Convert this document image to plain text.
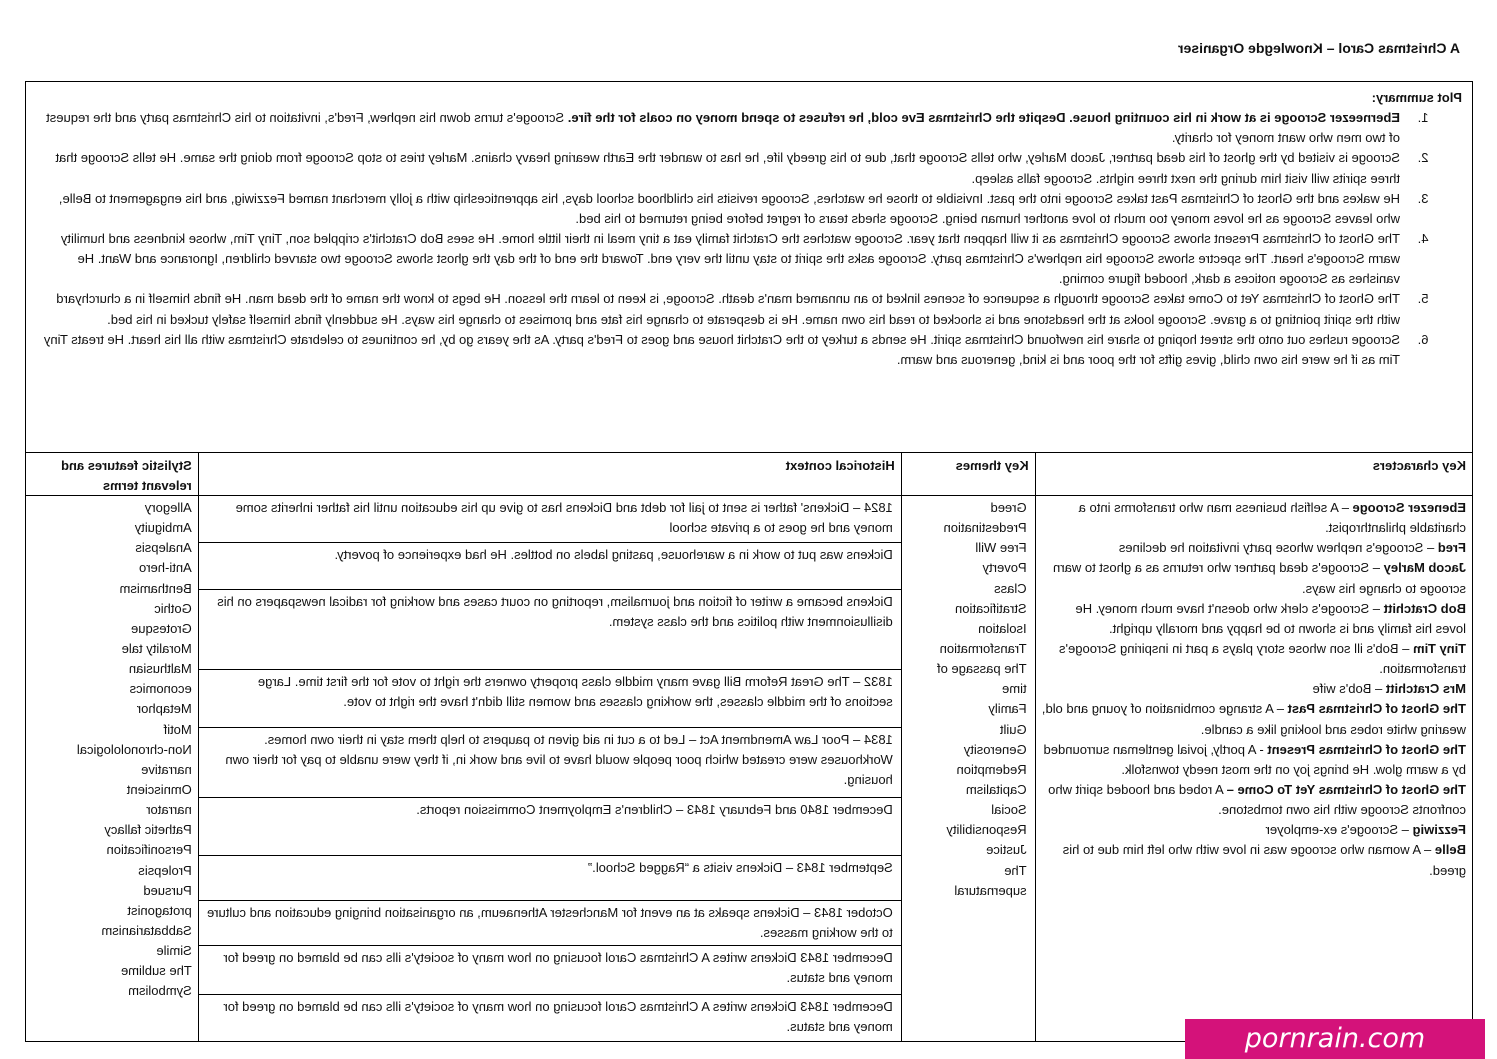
A Christmas Carol – Knowlegde Organiser
Plot summary:
1. Eberneezer Scrooge is at work in his counting house. Despite the Christmas Eve cold, he refuses to spend money on coals for the fire. Scrooge's turns down his nephew, Fred's, invitation to his Christmas party and the request of two men who want money for charity.
2. Scrooge is visited by the ghost of his dead partner, Jacob Marley, who tells Scrooge that, due to his greedy life, he has to wander the Earth wearing heavy chains. Marley tries to stop Scrooge from doing the same. He tells Scrooge that three spirits will visit him during the next three nights. Scrooge falls asleep.
3. He wakes and the Ghost of Christmas Past takes Scrooge into the past. Invisible to those he watches, Scrooge revisits his childhood school days, his apprenticeship with a jolly merchant named Fezziwig, and his engagement to Belle, who leaves Scrooge as he loves money too much to love another human being. Scrooge sheds tears of regret before being returned to his bed.
4. The Ghost of Christmas Present shows Scrooge Christmas as it will happen that year. Scrooge watches the Cratchit family eat a tiny meal in their little home. He sees Bob Cratchit's crippled son, Tiny Tim, whose kindness and humility warm Scrooge's heart. The spectre shows Scrooge his nephew's Christmas party. Scrooge asks the spirit to stay until the very end. Toward the end of the day the ghost shows Scrooge two starved children, Ignorance and Want. He vanishes as Scrooge notices a dark, hooded figure coming.
5. The Ghost of Christmas Yet to Come takes Scrooge through a sequence of scenes linked to an unnamed man's death. Scrooge, is keen to learn the lesson. He begs to know the name of the dead man. He finds himself in a churchyard with the spirit pointing to a grave. Scrooge looks at the headstone and is shocked to read his own name. He is desperate to change his fate and promises to change his ways. He suddenly finds himself safely tucked in his bed.
6. Scrooge rushes out onto the street hoping to share his newfound Christmas spirit. He sends a turkey to the Cratchit house and goes to Fred's party. As the years go by, he continues to celebrate Christmas with all his heart. He treats Tiny Tim as if he were his own child, gives gifts for the poor and is kind, generous and warm.
Key characters

Ebenezer Scrooge – A selfish business man who transforms into a charitable philanthropist.

Fred – Scrooge's nephew whose party invitation he declines

Jacob Marley – Scrooge's dead partner who returns as a ghost to warn scrooge to change his ways.

Bob Cratchitt – Scrooge's clerk who doesn't have much money. He loves his family and is shown to be happy and morally upright.

Tiny Tim – Bob's ill son whose story plays a part in inspiring Scrooge's transformation.

Mrs Cratchitt – Bob's wife

The Ghost of Christmas Past – A strange combination of young and old, wearing white robes and looking like a candle.

The Ghost of Christmas Present - A portly, jovial gentleman surrounded by a warm glow. He brings joy on the most needy townsfolk.

The Ghost of Christmas Yet To Come – A robed and hooded spirit who confronts Scrooge with his own tombstone.

Fezziwig – Scrooge's ex-employer

Belle – A woman who scrooge was in love with who left him due to his greed.

Key themes
Greed
Predestination
Free Will
Poverty
Class
Stratification
Isolation
Transformation
The passage of
time
Family
Guilt
Generosity
Redemption
Capitalism
Social
Responsibility
Justice
The
supernatural
Historical context
1824 – Dickens' father is sent to jail for debt and Dickens has to give up his education until his father inherits some money and he goes to a private school
Dickens was put to work in a warehouse, pasting labels on bottles. He had experience of poverty.
Dickens became a writer of fiction and journalism, reporting on court cases and working for radical newspapers on his disillusionment with politics and the class system.
1832 – The Great Reform Bill gave many middle class property owners the right to vote for the first time. Large sections of the middle classes, the working classes and women still didn't have the right to vote.
1834 – Poor Law Amendment Act – Led to a cut in aid given to paupers to help them stay in their own homes. Workhouses were created which poor people would have to live and work in, if they were unable to pay for their own housing.
December 1840 and February 1843 – Children's Employment Commission reports.
September 1843 – Dickens visits a “Ragged School.”
October 1843 – Dickens speaks at an event for Manchester Athenaeum, an organisation bringing education and culture to the working masses.
December 1843 Dickens writes A Christmas Carol focusing on how many of society's ills can be blamed on greed for money and status.
December 1843 Dickens writes A Christmas Carol focusing on how many of society's ills can be blamed on greed for money and status.
Stylistic features and relevant terms
Allegory
Ambiguity
Analepsis
Anti-hero
Benthamism
Gothic
Grotesque
Morality tale
Malthusian
economics
Metaphor
Motif
Non-chronolological
narrative
Omniscient
narrator
Pathetic fallacy
Personification
Prolepsis
Pursued
protagonist
Sabbatarianism
Simile
The sublime
Symbolism
pornrain.com
